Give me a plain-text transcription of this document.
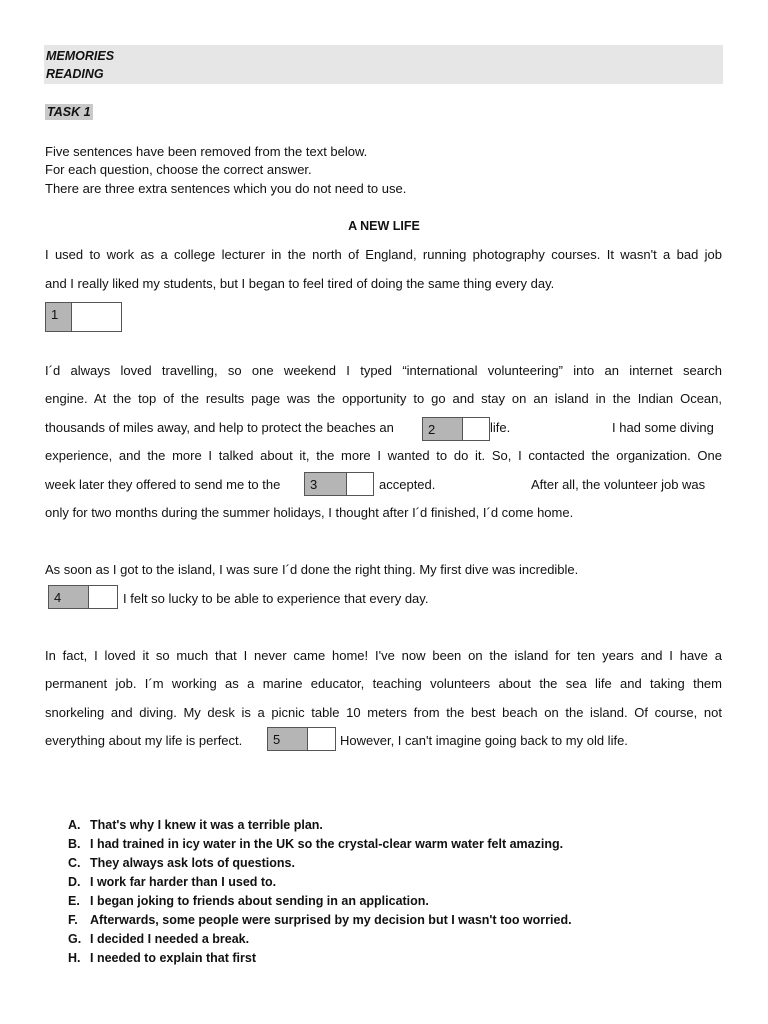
MEMORIES
READING
TASK 1
Five sentences have been removed from the text below.
For each question, choose the correct answer.
There are three extra sentences which you do not need to use.
A NEW LIFE
I used to work as a college lecturer in the north of England, running photography courses. It wasn't a bad job
and I really liked my students, but I began to feel tired of doing the same thing every day.
1
I´d always loved travelling, so one weekend I typed “international volunteering” into an internet search
engine. At the top of the results page was the opportunity to go and stay on an island in the Indian Ocean,
thousands of miles away, and help to protect the beaches an	2	life.	I had some diving
experience, and the more I talked about it, the more I wanted to do it. So, I contacted the organization. One
week later they offered to send me to the	3	accepted.	After all, the volunteer job was
only for two months during the summer holidays, I thought after I´d finished, I´d come home.
As soon as I got to the island, I was sure I´d done the right thing. My first dive was incredible.
4	I felt so lucky to be able to experience that every day.
In fact, I loved it so much that I never came home! I've now been on the island for ten years and I have a
permanent job. I´m working as a marine educator, teaching volunteers about the sea life and taking them
snorkeling and diving. My desk is a picnic table 10 meters from the best beach on the island. Of course, not
everything about my life is perfect.	5	However, I can't imagine going back to my old life.
A. That's why I knew it was a terrible plan.
B. I had trained in icy water in the UK so the crystal-clear warm water felt amazing.
C. They always ask lots of questions.
D. I work far harder than I used to.
E. I began joking to friends about sending in an application.
F. Afterwards, some people were surprised by my decision but I wasn't too worried.
G. I decided I needed a break.
H. I needed to explain that first
